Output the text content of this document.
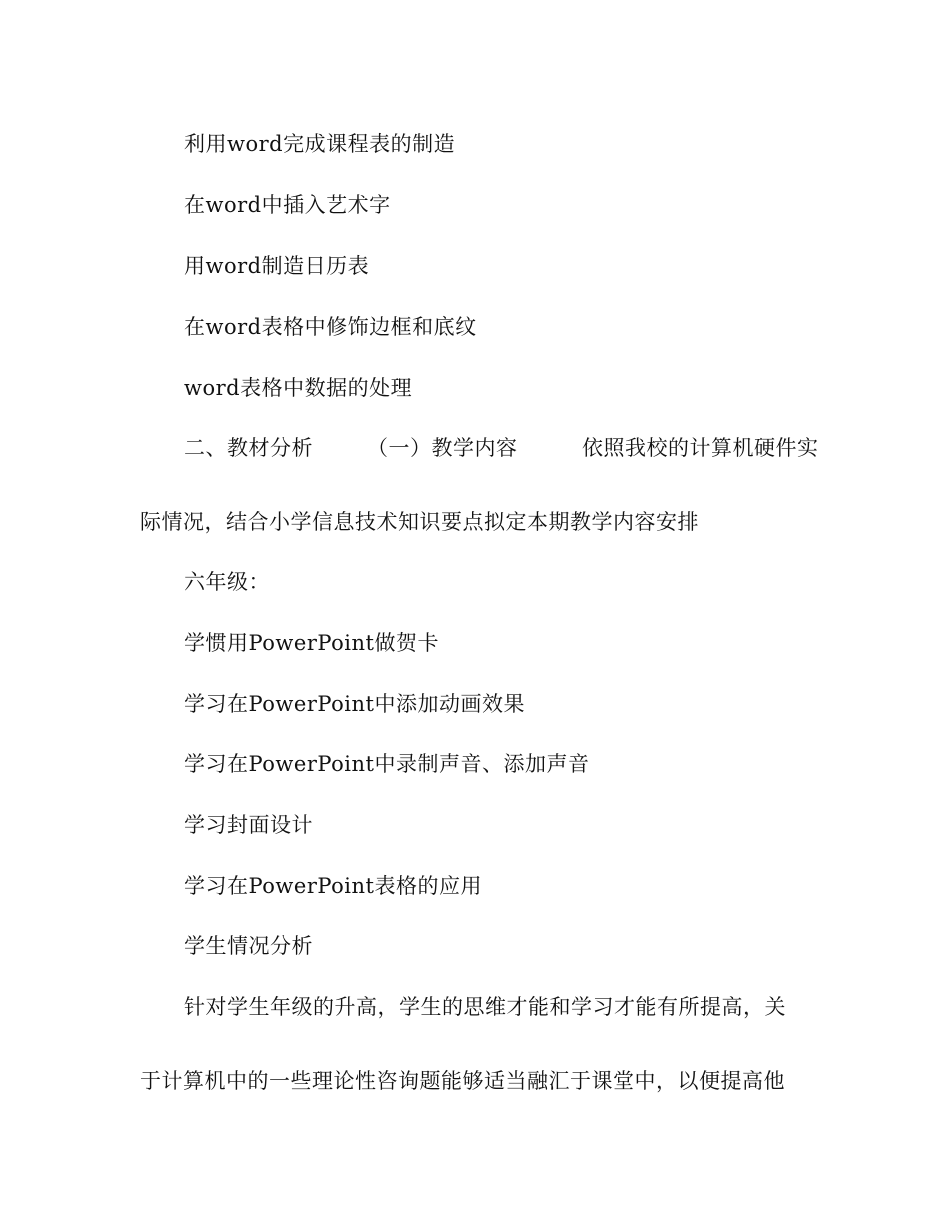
利用word完成课程表的制造
在word中插入艺术字
用word制造日历表
在word表格中修饰边框和底纹
word表格中数据的处理
二、教材分析　　　（一）教学内容　　　依照我校的计算机硬件实
际情况，结合小学信息技术知识要点拟定本期教学内容安排
六年级：
学惯用PowerPoint做贺卡
学习在PowerPoint中添加动画效果
学习在PowerPoint中录制声音、添加声音
学习封面设计
学习在PowerPoint表格的应用
学生情况分析
针对学生年级的升高，学生的思维才能和学习才能有所提高，关
于计算机中的一些理论性咨询题能够适当融汇于课堂中，以便提高他
